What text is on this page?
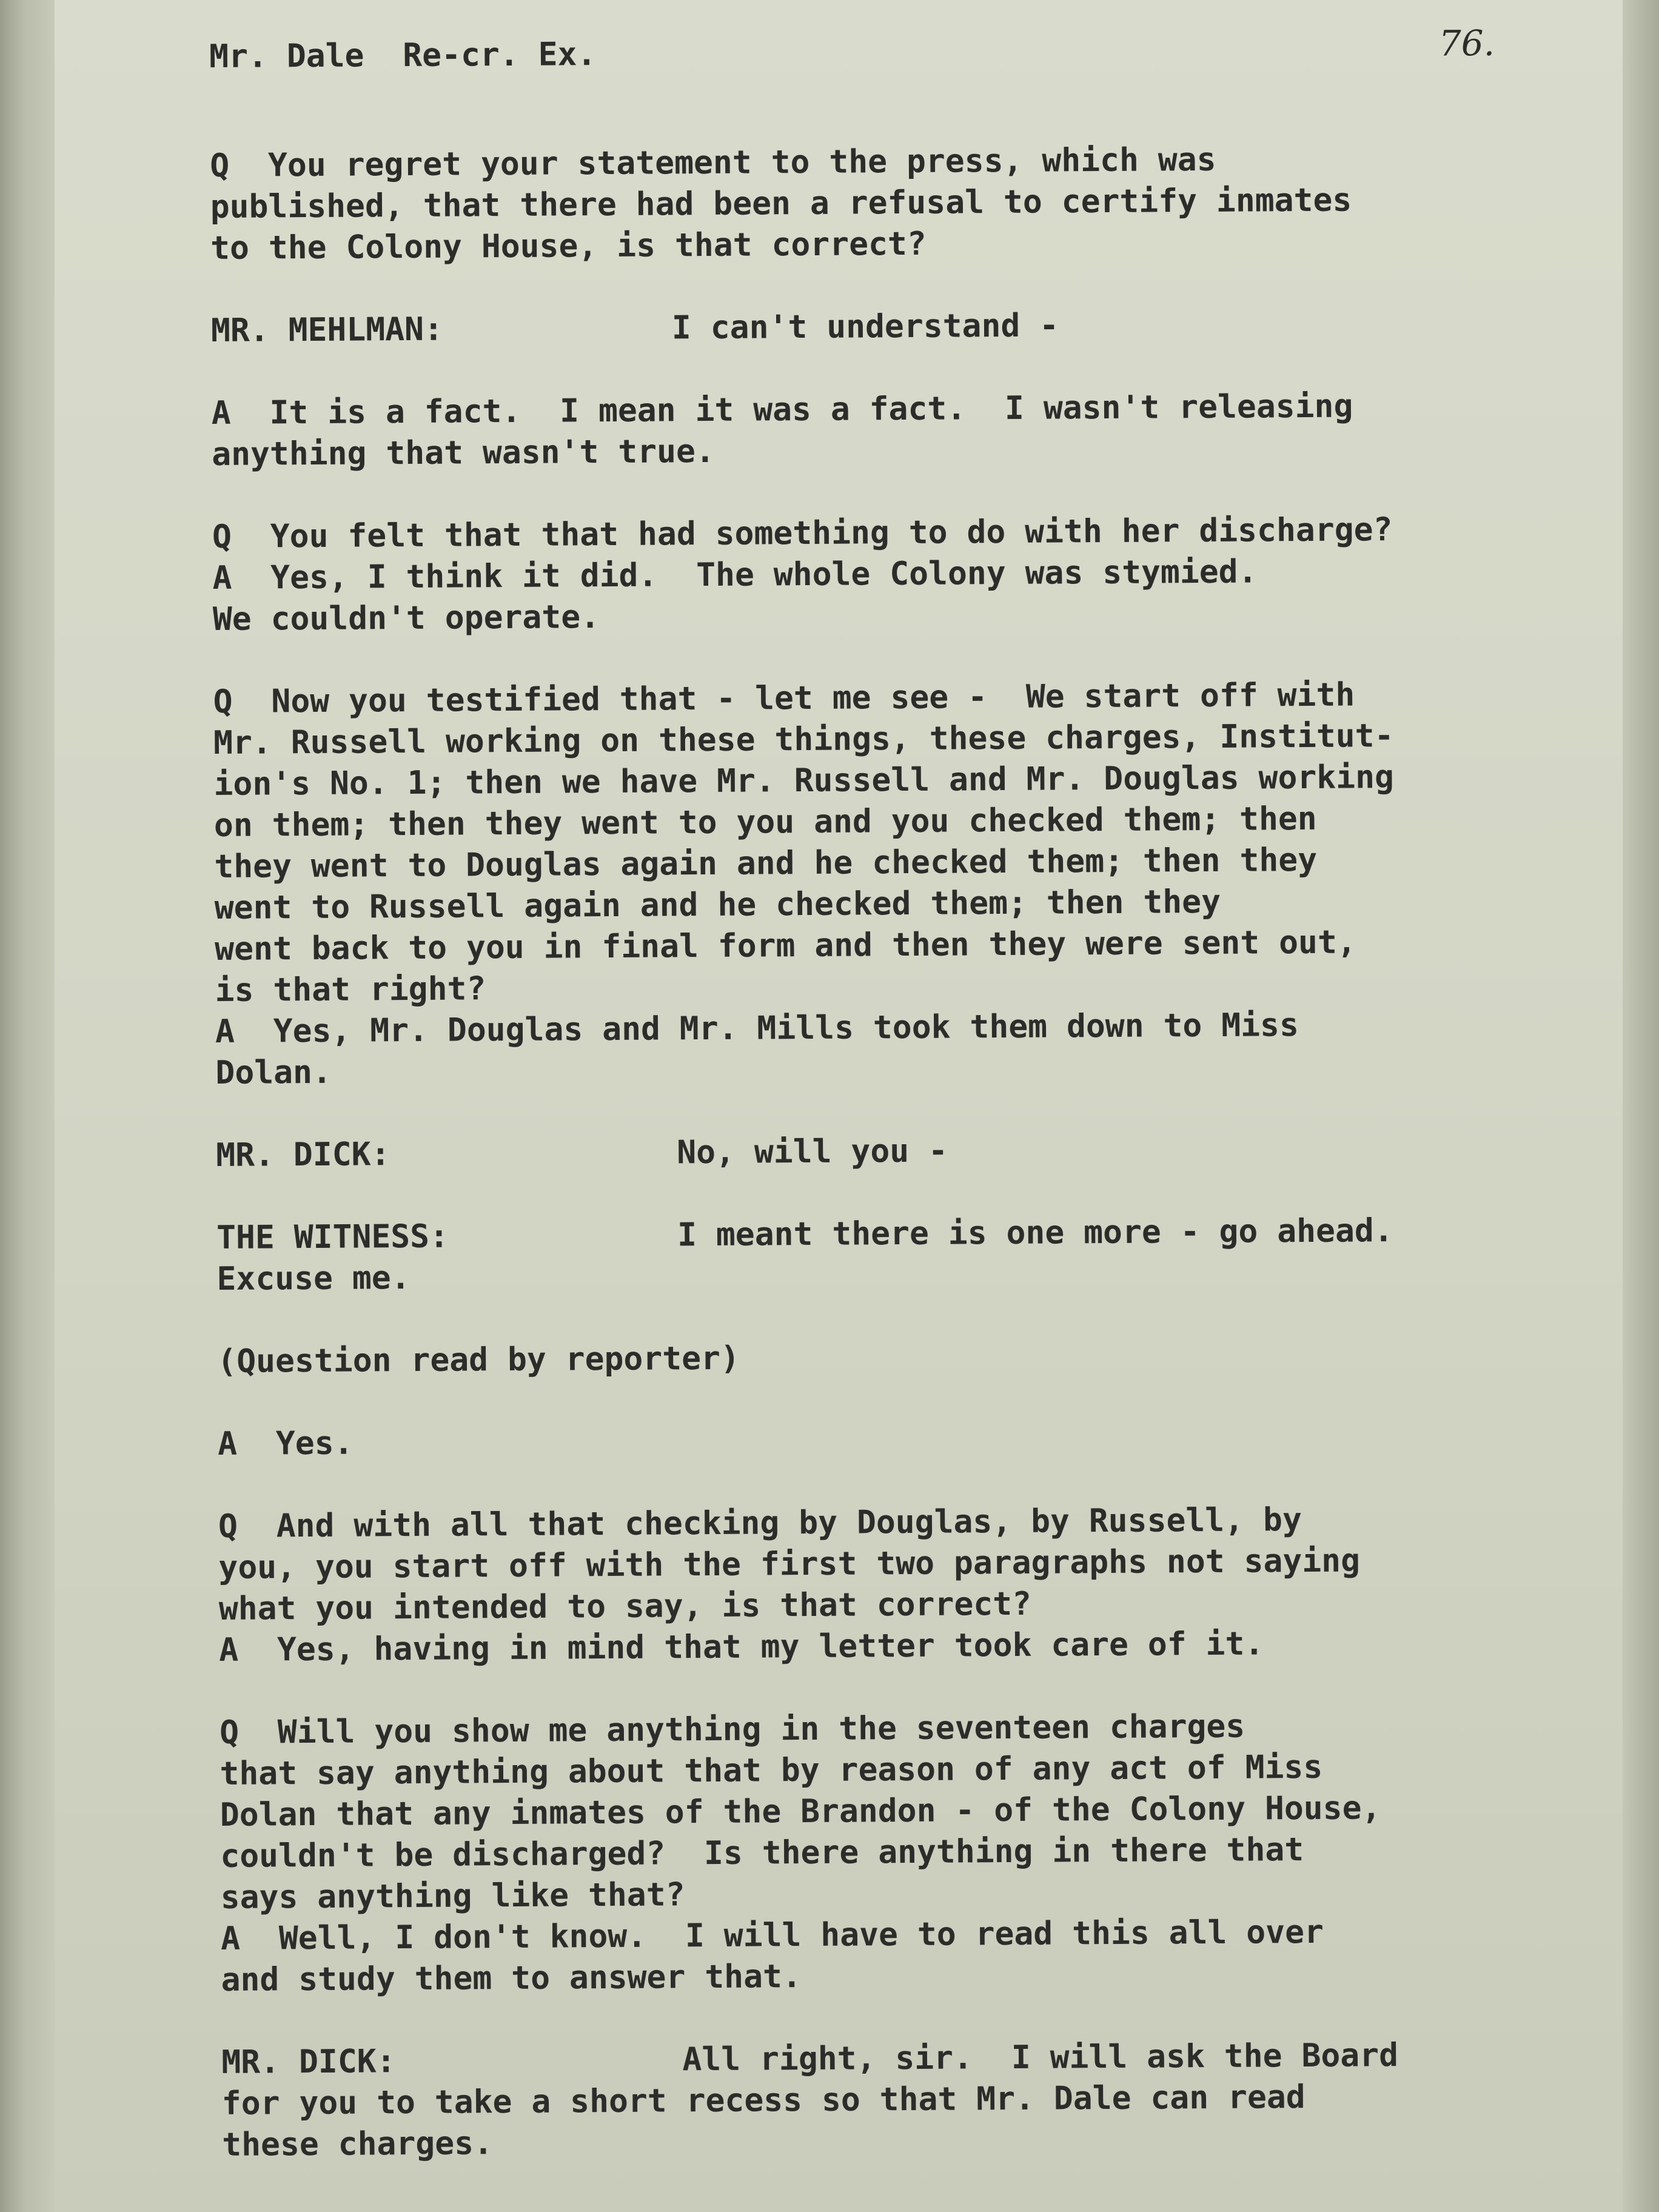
Mr. Dale  Re-cr. Ex.	76.
Q  You regret your statement to the press, which was
published, that there had been a refusal to certify inmates
to the Colony House, is that correct?
MR. MEHLMAN:	I can't understand -
A  It is a fact.  I mean it was a fact.  I wasn't releasing
anything that wasn't true.
Q  You felt that that had something to do with her discharge?
A  Yes, I think it did.  The whole Colony was stymied.
We couldn't operate.
Q  Now you testified that - let me see -  We start off with
Mr. Russell working on these things, these charges, Institut-
ion's No. 1; then we have Mr. Russell and Mr. Douglas working
on them; then they went to you and you checked them; then
they went to Douglas again and he checked them; then they
went to Russell again and he checked them; then they
went back to you in final form and then they were sent out,
is that right?
A  Yes, Mr. Douglas and Mr. Mills took them down to Miss
Dolan.
MR. DICK:	No, will you -
THE WITNESS:	I meant there is one more - go ahead.
Excuse me.
(Question read by reporter)
A  Yes.
Q  And with all that checking by Douglas, by Russell, by
you, you start off with the first two paragraphs not saying
what you intended to say, is that correct?
A  Yes, having in mind that my letter took care of it.
Q  Will you show me anything in the seventeen charges
that say anything about that by reason of any act of Miss
Dolan that any inmates of the Brandon - of the Colony House,
couldn't be discharged?  Is there anything in there that
says anything like that?
A  Well, I don't know.  I will have to read this all over
and study them to answer that.
MR. DICK:	All right, sir.  I will ask the Board
for you to take a short recess so that Mr. Dale can read
these charges.
